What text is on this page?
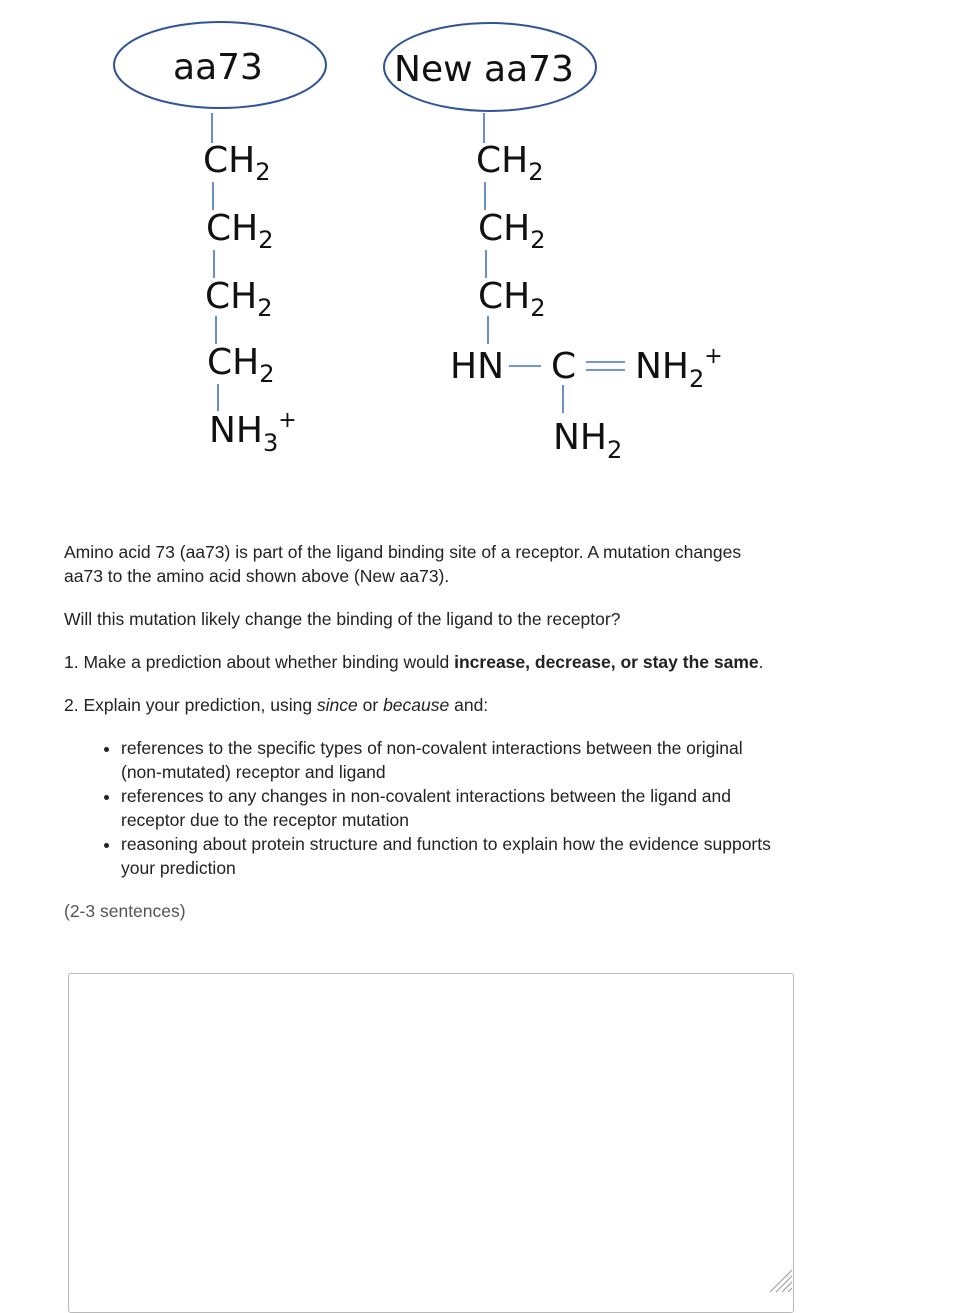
aa73
$CH_2$
$CH_2$
$CH_2$
$CH_2$
$NH_3^+$
New aa73
$CH_2$
$CH_2$
$CH_2$
HN C $NH_2^+$
$NH_2$

Amino acid 73 (aa73) is part of the ligand binding site of a receptor. A mutation changes aa73 to the amino acid shown above (New aa73).

Will this mutation likely change the binding of the ligand to the receptor?

1. Make a prediction about whether binding would increase, decrease, or stay the same.

2. Explain your prediction, using since or because and:

• references to the specific types of non-covalent interactions between the original (non-mutated) receptor and ligand
• references to any changes in non-covalent interactions between the ligand and receptor due to the receptor mutation
• reasoning about protein structure and function to explain how the evidence supports your prediction

(2-3 sentences)
